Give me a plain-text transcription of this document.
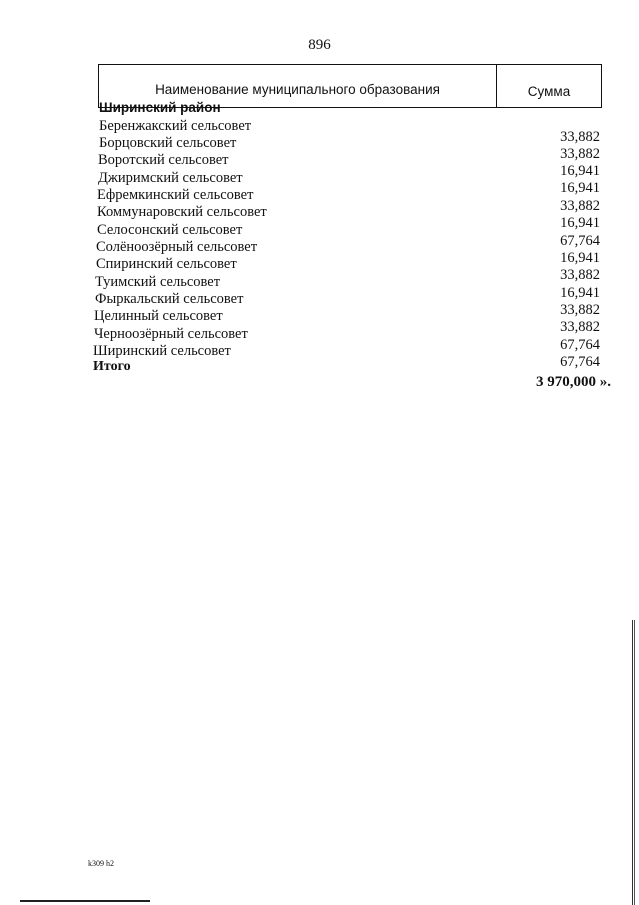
896
Наименование муниципального образования	Сумма
Ширинский район
Беренжакский сельсовет
33,882
Борцовский сельсовет
33,882
Воротский сельсовет
16,941
Джиримский сельсовет
16,941
Ефремкинский сельсовет
33,882
Коммунаровский сельсовет
16,941
Селосонский сельсовет
67,764
Солёноозёрный сельсовет
16,941
Спиринский сельсовет
33,882
Туимский сельсовет
16,941
Фыркальский сельсовет
33,882
Целинный сельсовет
33,882
Черноозёрный сельсовет
67,764
Ширинский сельсовет
67,764
Итого
3 970,000 ».
k309 h2
